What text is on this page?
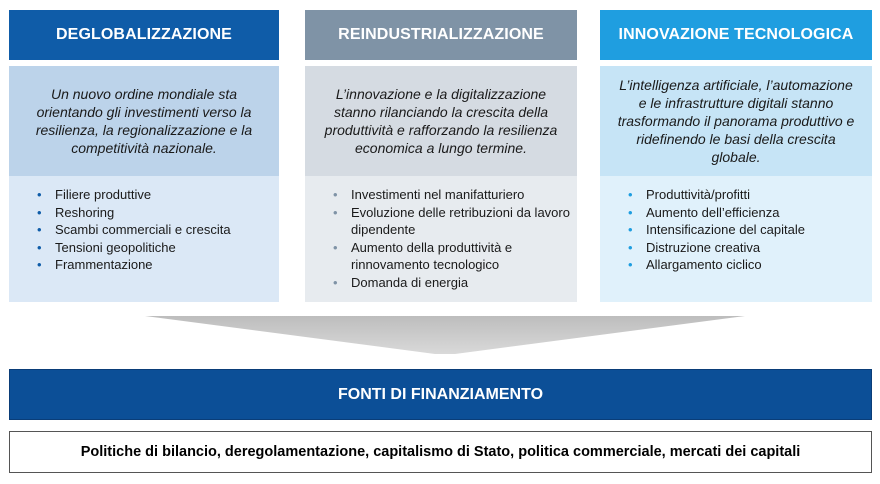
DEGLOBALIZZAZIONE
Un nuovo ordine mondiale sta orientando gli investimenti verso la resilienza, la regionalizzazione e la competitività nazionale.
• Filiere produttive
• Reshoring
• Scambi commerciali e crescita
• Tensioni geopolitiche
• Frammentazione
REINDUSTRIALIZZAZIONE
L’innovazione e la digitalizzazione stanno rilanciando la crescita della produttività e rafforzando la resilienza economica a lungo termine.
• Investimenti nel manifatturiero
• Evoluzione delle retribuzioni da lavoro dipendente
• Aumento della produttività e rinnovamento tecnologico
• Domanda di energia
INNOVAZIONE TECNOLOGICA
L’intelligenza artificiale, l’automazione e le infrastrutture digitali stanno trasformando il panorama produttivo e ridefinendo le basi della crescita globale.
• Produttività/profitti
• Aumento dell’efficienza
• Intensificazione del capitale
• Distruzione creativa
• Allargamento ciclico
FONTI DI FINANZIAMENTO
Politiche di bilancio, deregolamentazione, capitalismo di Stato, politica commerciale, mercati dei capitali
